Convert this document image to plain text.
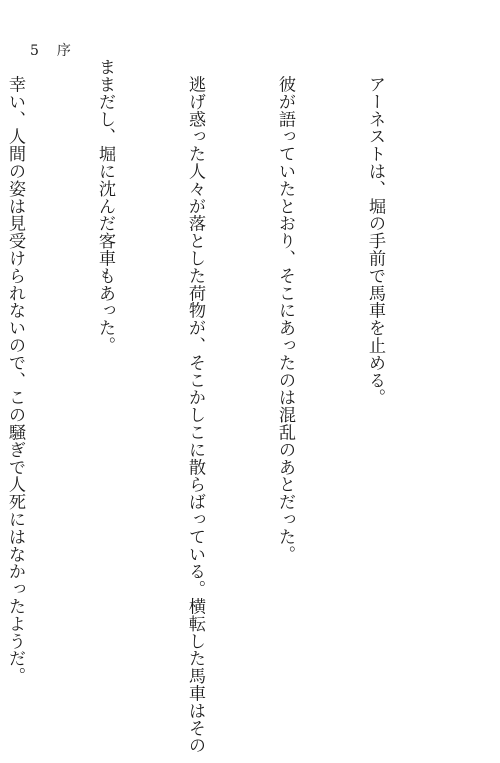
5 序

　アーネストは、堀の手前で馬車を止める。

　彼が語っていたとおり、そこにあったのは混乱のあとだった。

　逃げ惑った人々が落とした荷物が、そこかしこに散らばっている。横転した馬車はその

ままだし、堀に沈んだ客車もあった。

　幸い、人間の姿は見受けられないので、この騒ぎで人死にはなかったようだ。
